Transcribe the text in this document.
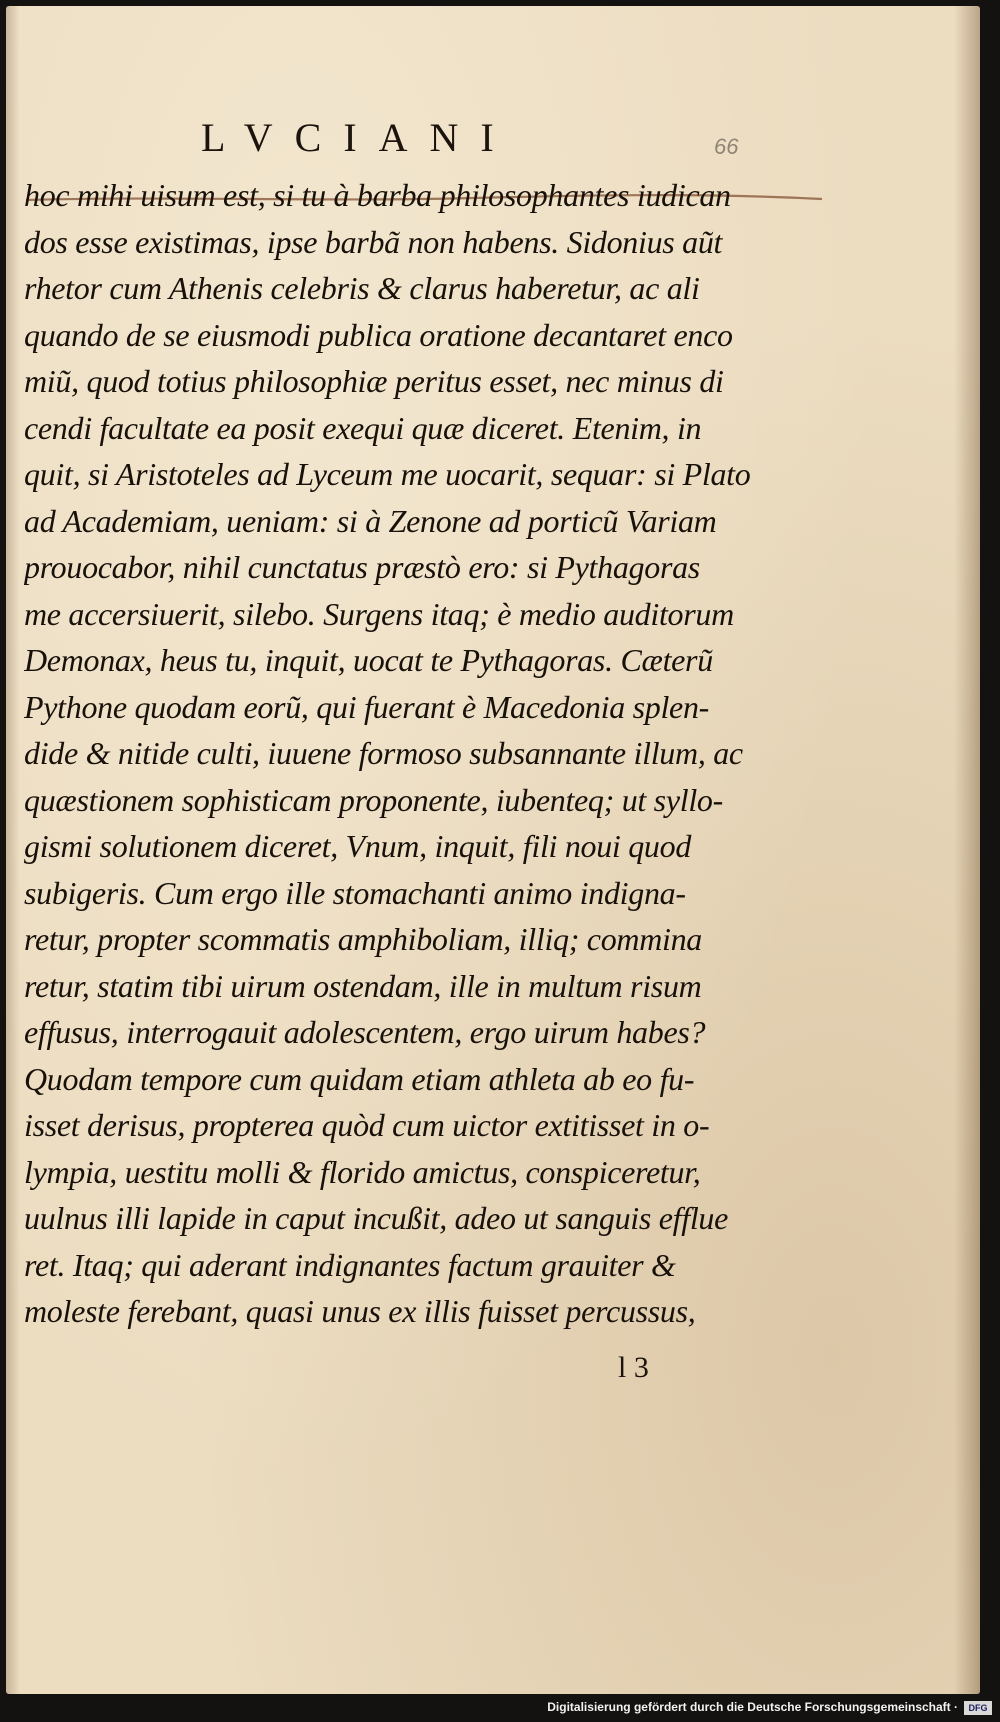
LVCIANI	66
hoc mihi uisum est, si tu à barba philosophantes iudican
dos esse existimas, ipse barbã non habens. Sidonius aũt
rhetor cum Athenis celebris & clarus haberetur, ac ali
quando de se eiusmodi publica oratione decantaret enco
miũ, quod totius philosophiæ peritus esset, nec minus di
cendi facultate ea posit exequi quæ diceret. Etenim, in
quit, si Aristoteles ad Lyceum me uocarit, sequar: si Plato
ad Academiam, ueniam: si à Zenone ad porticũ Variam
prouocabor, nihil cunctatus præstò ero: si Pythagoras
me accersiuerit, silebo. Surgens itaq; è medio auditorum
Demonax, heus tu, inquit, uocat te Pythagoras. Cæterũ
Pythone quodam eorũ, qui fuerant è Macedonia splen-
dide & nitide culti, iuuene formoso subsannante illum, ac
quæstionem sophisticam proponente, iubenteq; ut syllo-
gismi solutionem diceret, Vnum, inquit, fili noui quod
subigeris. Cum ergo ille stomachanti animo indigna-
retur, propter scommatis amphiboliam, illiq; commina
retur, statim tibi uirum ostendam, ille in multum risum
effusus, interrogauit adolescentem, ergo uirum habes?
Quodam tempore cum quidam etiam athleta ab eo fu-
isset derisus, propterea quòd cum uictor extitisset in o-
lympia, uestitu molli & florido amictus, conspiceretur,
uulnus illi lapide in caput incußit, adeo ut sanguis efflue
ret. Itaq; qui aderant indignantes factum grauiter &
moleste ferebant, quasi unus ex illis fuisset percussus,
l 3
Digitalisierung gefördert durch die Deutsche Forschungsgemeinschaft ·	DFG
